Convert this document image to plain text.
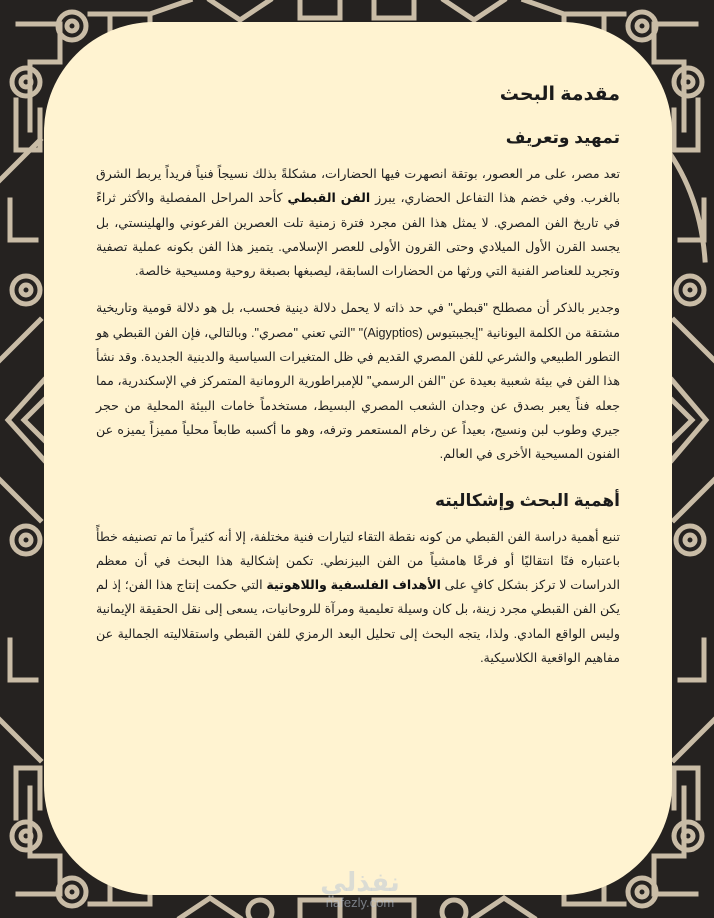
مقدمة البحث
تمهيد وتعريف

تعد مصر، على مر العصور، بوتقة انصهرت فيها الحضارات، مشكلةً بذلك نسيجاً فنياً فريداً يربط الشرق بالغرب. وفي خضم هذا التفاعل الحضاري، يبرز الفن القبطي كأحد المراحل المفصلية والأكثر ثراءً في تاريخ الفن المصري. لا يمثل هذا الفن مجرد فترة زمنية تلت العصرين الفرعوني والهلينستي، بل يجسد القرن الأول الميلادي وحتى القرون الأولى للعصر الإسلامي. يتميز هذا الفن بكونه عملية تصفية وتجريد للعناصر الفنية التي ورثها من الحضارات السابقة، ليصبغها بصبغة روحية ومسيحية خالصة.

وجدير بالذكر أن مصطلح "قبطي" في حد ذاته لا يحمل دلالة دينية فحسب، بل هو دلالة قومية وتاريخية مشتقة من الكلمة اليونانية "إيجيبتيوس (Aigyptios)" "التي تعني "مصري". وبالتالي، فإن الفن القبطي هو التطور الطبيعي والشرعي للفن المصري القديم في ظل المتغيرات السياسية والدينية الجديدة. وقد نشأ هذا الفن في بيئة شعبية بعيدة عن "الفن الرسمي" للإمبراطورية الرومانية المتمركز في الإسكندرية، مما جعله فناً يعبر بصدق عن وجدان الشعب المصري البسيط، مستخدماً خامات البيئة المحلية من حجر جيري وطوب لبن ونسيج، بعيداً عن رخام المستعمر وترفه، وهو ما أكسبه طابعاً محلياً مميزاً يميزه عن الفنون المسيحية الأخرى في العالم.

أهمية البحث وإشكاليته

تنبع أهمية دراسة الفن القبطي من كونه نقطة التقاء لتيارات فنية مختلفة، إلا أنه كثيراً ما تم تصنيفه خطأً باعتباره فنًا انتقاليًا أو فرعًا هامشياً من الفن البيزنطي. تكمن إشكالية هذا البحث في أن معظم الدراسات لا تركز بشكل كافٍ على الأهداف الفلسفية واللاهوتية التي حكمت إنتاج هذا الفن؛ إذ لم يكن الفن القبطي مجرد زينة، بل كان وسيلة تعليمية ومرآة للروحانيات، يسعى إلى نقل الحقيقة الإيمانية وليس الواقع المادي. ولذا، يتجه البحث إلى تحليل البعد الرمزي للفن القبطي واستقلاليته الجمالية عن مفاهيم الواقعية الكلاسيكية.

نفذلي
nafezly.com
